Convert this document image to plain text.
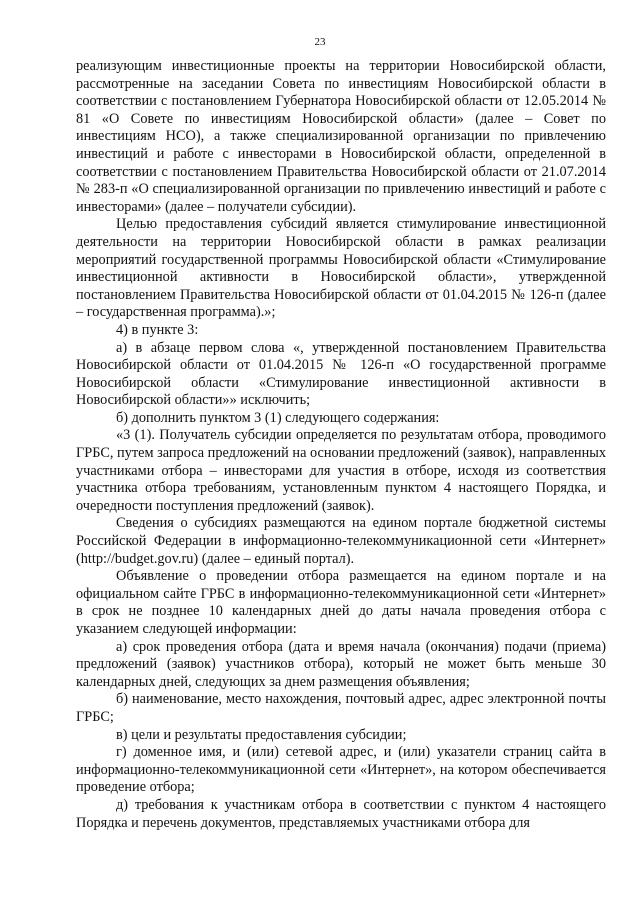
23

реализующим инвестиционные проекты на территории Новосибирской области, рассмотренные на заседании Совета по инвестициям Новосибирской области в соответствии с постановлением Губернатора Новосибирской области от 12.05.2014 № 81 «О Совете по инвестициям Новосибирской области» (далее – Совет по инвестициям НСО), а также специализированной организации по привлечению инвестиций и работе с инвесторами в Новосибирской области, определенной в соответствии с постановлением Правительства Новосибирской области от 21.07.2014 № 283-п «О специализированной организации по привлечению инвестиций и работе с инвесторами» (далее – получатели субсидии).

Целью предоставления субсидий является стимулирование инвестиционной деятельности на территории Новосибирской области в рамках реализации мероприятий государственной программы Новосибирской области «Стимулирование инвестиционной активности в Новосибирской области», утвержденной постановлением Правительства Новосибирской области от 01.04.2015 № 126-п (далее – государственная программа).»;

4) в пункте 3:

а) в абзаце первом слова «, утвержденной постановлением Правительства Новосибирской области от 01.04.2015 № 126-п «О государственной программе Новосибирской области «Стимулирование инвестиционной активности в Новосибирской области»» исключить;

б) дополнить пунктом 3 (1) следующего содержания:

«3 (1). Получатель субсидии определяется по результатам отбора, проводимого ГРБС, путем запроса предложений на основании предложений (заявок), направленных участниками отбора – инвесторами для участия в отборе, исходя из соответствия участника отбора требованиям, установленным пунктом 4 настоящего Порядка, и очередности поступления предложений (заявок).

Сведения о субсидиях размещаются на едином портале бюджетной системы Российской Федерации в информационно-телекоммуникационной сети «Интернет» (http://budget.gov.ru) (далее – единый портал).

Объявление о проведении отбора размещается на едином портале и на официальном сайте ГРБС в информационно-телекоммуникационной сети «Интернет» в срок не позднее 10 календарных дней до даты начала проведения отбора с указанием следующей информации:

а) срок проведения отбора (дата и время начала (окончания) подачи (приема) предложений (заявок) участников отбора), который не может быть меньше 30 календарных дней, следующих за днем размещения объявления;

б) наименование, место нахождения, почтовый адрес, адрес электронной почты ГРБС;

в) цели и результаты предоставления субсидии;

г) доменное имя, и (или) сетевой адрес, и (или) указатели страниц сайта в информационно-телекоммуникационной сети «Интернет», на котором обеспечивается проведение отбора;

д) требования к участникам отбора в соответствии с пунктом 4 настоящего Порядка и перечень документов, представляемых участниками отбора для
